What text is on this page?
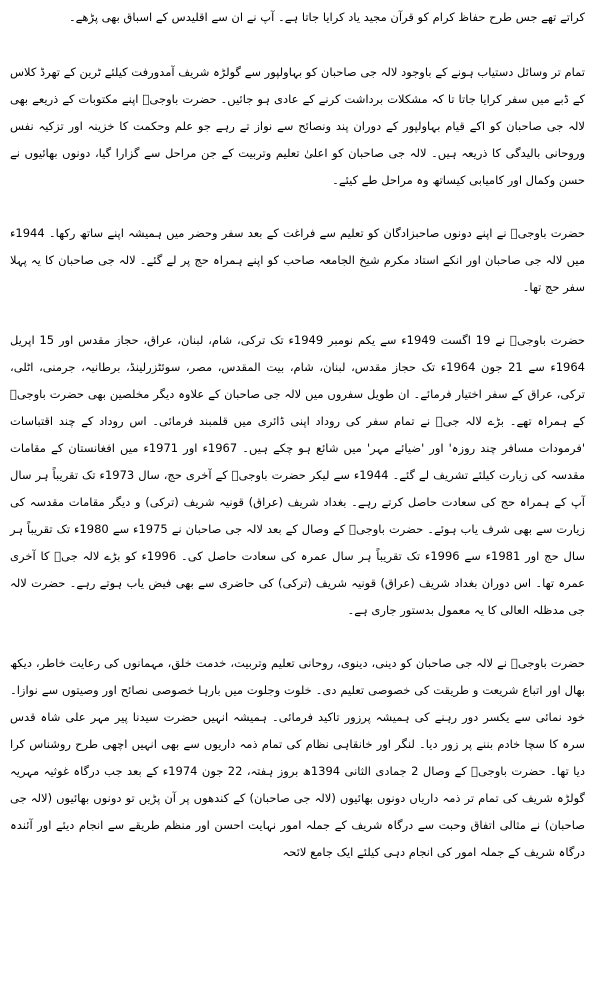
کراتے تھے جس طرح حفاظ کرام کو قرآن مجید یاد کرایا جاتا ہے۔ آپ نے ان سے اقلیدس کے اسباق بھی پڑھے۔

تمام تر وسائل دستیاب ہونے کے باوجود لالہ جی صاحبان کو بہاولپور سے گولڑہ شریف آمدورفت کیلئے ٹرین کے تھرڈ کلاس کے ڈبے میں سفر کرایا جاتا تا کہ مشکلات برداشت کرنے کے عادی ہو جائیں۔ حضرت باوجیؒ اپنے مکتوبات کے ذریعے بھی لالہ جی صاحبان کو اکے قیام بہاولپور کے دوران پند ونصائح سے نواز تے رہے جو علم وحکمت کا خزینہ اور تزکیہ نفس وروحانی بالیدگی کا ذریعہ ہیں۔ لالہ جی صاحبان کو اعلیٰ تعلیم وتربیت کے جن مراحل سے گزارا گیا، دونوں بھائیوں نے حسن وکمال اور کامیابی کیساتھ وہ مراحل طے کیئے۔

حضرت باوجیؒ نے اپنے دونوں صاحبزادگان کو تعلیم سے فراغت کے بعد سفر وحضر میں ہمیشہ اپنے ساتھ رکھا۔ 1944ء میں لالہ جی صاحبان اور انکے استاد مکرم شیخ الجامعہ صاحب کو اپنے ہمراہ حج پر لے گئے۔ لالہ جی صاحبان کا یہ پہلا سفر حج تھا۔

حضرت باوجیؒ نے 19 اگست 1949ء سے یکم نومبر 1949ء تک ترکی، شام، لبنان، عراق، حجاز مقدس اور 15 اپریل 1964ء سے 21 جون 1964ء تک حجاز مقدس، لبنان، شام، بیت المقدس، مصر، سوئٹزرلینڈ، برطانیہ، جرمنی، اٹلی، ترکی، عراق کے سفر اختیار فرمائے۔ ان طویل سفروں میں لالہ جی صاحبان کے علاوہ دیگر مخلصین بھی حضرت باوجیؒ کے ہمراہ تھے۔ بڑے لالہ جیؒ نے تمام سفر کی روداد اپنی ڈائری میں قلمبند فرمائی۔ اس روداد کے چند اقتباسات 'فرمودات مسافر چند روزہ' اور 'ضیائے مہر' میں شائع ہو چکے ہیں۔ 1967ء اور 1971ء میں افغانستان کے مقامات مقدسہ کی زیارت کیلئے تشریف لے گئے۔ 1944ء سے لیکر حضرت باوجیؒ کے آخری حج، سال 1973ء تک تقریباً ہر سال آپ کے ہمراہ حج کی سعادت حاصل کرتے رہے۔ بغداد شریف (عراق) قونیہ شریف (ترکی) و دیگر مقامات مقدسہ کی زیارت سے بھی شرف یاب ہوئے۔ حضرت باوجیؒ کے وصال کے بعد لالہ جی صاحبان نے 1975ء سے 1980ء تک تقریباً ہر سال حج اور 1981ء سے 1996ء تک تقریباً ہر سال عمرہ کی سعادت حاصل کی۔ 1996ء کو بڑے لالہ جیؒ کا آخری عمرہ تھا۔ اس دوران بغداد شریف (عراق) قونیہ شریف (ترکی) کی حاضری سے بھی فیض یاب ہوتے رہے۔ حضرت لالہ جی مدظلہ العالی کا یہ معمول بدستور جاری ہے۔

حضرت باوجیؒ نے لالہ جی صاحبان کو دینی، دینوی، روحانی تعلیم وتربیت، خدمت خلق، مہمانوں کی رعایت خاطر، دیکھ بھال اور اتباع شریعت و طریقت کی خصوصی تعلیم دی۔ خلوت وجلوت میں بارہا خصوصی نصائح اور وصیتوں سے نوازا۔ خود نمائی سے یکسر دور رہنے کی ہمیشہ پرزور تاکید فرمائی۔ ہمیشہ انہیں حضرت سیدنا پیر مہر علی شاہ قدس سرہ کا سچا خادم بننے پر زور دیا۔ لنگر اور خانقاہی نظام کی تمام ذمہ داریوں سے بھی انہیں اچھی طرح روشناس کرا دیا تھا۔ حضرت باوجیؒ کے وصال 2 جمادی الثانی 1394ھ بروز ہفتہ، 22 جون 1974ء کے بعد جب درگاہ غوثیہ مہریہ گولڑہ شریف کی تمام تر ذمہ داریاں دونوں بھائیوں (لالہ جی صاحبان) کے کندھوں پر آن پڑیں تو دونوں بھائیوں (لالہ جی صاحبان) نے مثالی اتفاق وحبت سے درگاہ شریف کے جملہ امور نہایت احسن اور منظم طریقے سے انجام دیئے اور آئندہ درگاہ شریف کے جملہ امور کی انجام دہی کیلئے ایک جامع لائحہ
